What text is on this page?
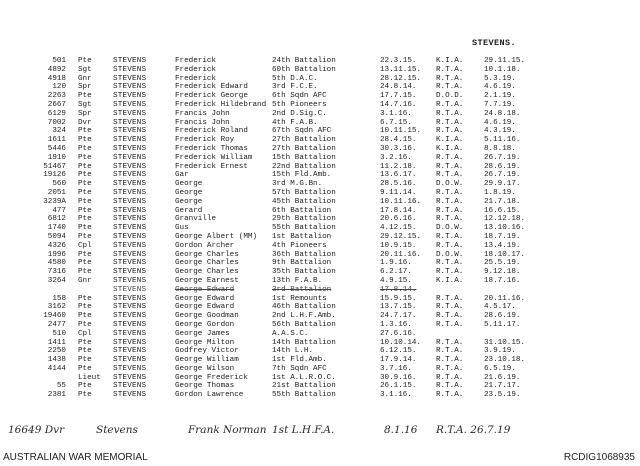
STEVENS.
501 Pte	STEVENS	Frederick	24th Battalion	22.3.15.	K.I.A.	29.11.15.
4892 Sgt	STEVENS	Frederick	60th Battalion	13.11.15. R.T.A.	10.1.18.
4918 Gnr	STEVENS	Frederick	5th D.A.C.	28.12.15. R.T.A.	5.3.19.
120 Spr	STEVENS	Frederick Edward	3rd F.C.E.	24.8.14.	R.T.A.	4.6.19.
2263 Pte	STEVENS	Frederick George	6th Sqdn AFC	17.7.15.	D.O.D.	2.1.19.
2667 Sgt	STEVENS	Frederick Hildebrand 5th Pioneers	14.7.16.	R.T.A.	7.7.19.
6129 Spr	STEVENS	Francis John	2nd D.Sig.C.	3.1.16.	R.T.A.	24.8.18.
7002 Dvr	STEVENS	Francis John	4th F.A.B.	6.7.15.	R.T.A.	4.6.19.
324 Pte	STEVENS	Frederick Roland	67th Sqdn AFC	10.11.15. R.T.A.	4.3.19.
1611 Pte	STEVENS	Frederick Roy	27th Battalion	28.4.15.	K.I.A.	5.11.16.
5446 Pte	STEVENS	Frederick Thomas	27th Battalion	30.3.16.	K.I.A.	8.8.18.
1910 Pte	STEVENS	Frederick William	15th Battalion	3.2.16.	R.T.A.	26.7.19.
51467 Pte	STEVENS	Frederick Ernest	22nd Battalion	11.2.18.	R.T.A.	28.6.19.
19126 Pte	STEVENS	Gar	15th Fld.Amb.	13.6.17.	R.T.A.	26.7.19.
560 Pte	STEVENS	George	3rd M.G.Bn.	28.5.16.	D.O.W.	29.9.17.
2051 Pte	STEVENS	George	57th Battalion	9.11.14.	R.T.A.	1.8.19.
3239A Pte	STEVENS	George	45th Battalion	10.11.16. R.T.A.	21.7.18.
477 Pte	STEVENS	Gerard	6th Battalion	17.8.14.	R.T.A.	16.6.15.
6812 Pte	STEVENS	Granville	29th Battalion	20.6.16.	R.T.A.	12.12.18.
1740 Pte	STEVENS	Gus	55th Battalion	4.12.15.	D.O.W.	13.10.16.
5094 Pte	STEVENS	George Albert (MM) 1st Battalion	29.12.15. R.T.A.	18.7.19.
4326 Cpl	STEVENS	Gordon Archer	4th Pioneers	10.9.15.	R.T.A.	13.4.19.
1996 Pte	STEVENS	George Charles	36th Battalion	20.11.16. D.O.W.	18.10.17.
4580 Pte	STEVENS	George Charles	9th Battalion	1.9.16.	R.T.A.	25.5.19.
7316 Pte	STEVENS	George Charles	35th Battalion	6.2.17.	R.T.A.	9.12.18.
3264 Gnr	STEVENS	George Earnest	13th F.A.B.	4.9.15.	K.I.A.	18.7.16.
STEVENS	George Edward	3rd Battalion	17.8.14.
158 Pte	STEVENS	George Edward	1st Remounts	15.9.15.	R.T.A.	20.11.16.
3162 Pte	STEVENS	George Edward	46th Battalion	13.7.15.	R.T.A.	4.5.17.
19460 Pte	STEVENS	George Goodman	2nd L.H.F.Amb.	24.7.17.	R.T.A.	28.6.19.
2477 Pte	STEVENS	George Gordon	56th Battalion	1.3.16.	R.T.A.	5.11.17.
510 Cpl	STEVENS	George James	A.A.S.C.	27.6.16.
1411 Pte	STEVENS	George Milton	14th Battalion	10.10.14. R.T.A.	31.10.15.
2250 Pte	STEVENS	Godfrey Victor	14th L.H.	6.12.15.	R.T.A.	3.9.19.
1438 Pte	STEVENS	George William	1st Fld.Amb.	17.9.14.	R.T.A.	23.10.18.
4144 Pte	STEVENS	George Wilson	7th Sqdn AFC	3.7.16.	R.T.A.	6.5.19.
Lieut STEVENS	George Frederick	1st A.L.R.O.C.	30.9.16.	R.T.A.	21.6.19.
55 Pte	STEVENS	George Thomas	21st Battalion	26.1.15.	R.T.A.	21.7.17.
2381 Pte	STEVENS	Gordon Lawrence	55th Battalion	3.1.16.	R.T.A.	23.5.19.
16649 Dvr	Stevens	Frank Norman 1st L.H.F.A.	8.1.16 R.T.A. 26.7.19
AUSTRALIAN WAR MEMORIAL	RCDIG1068935
